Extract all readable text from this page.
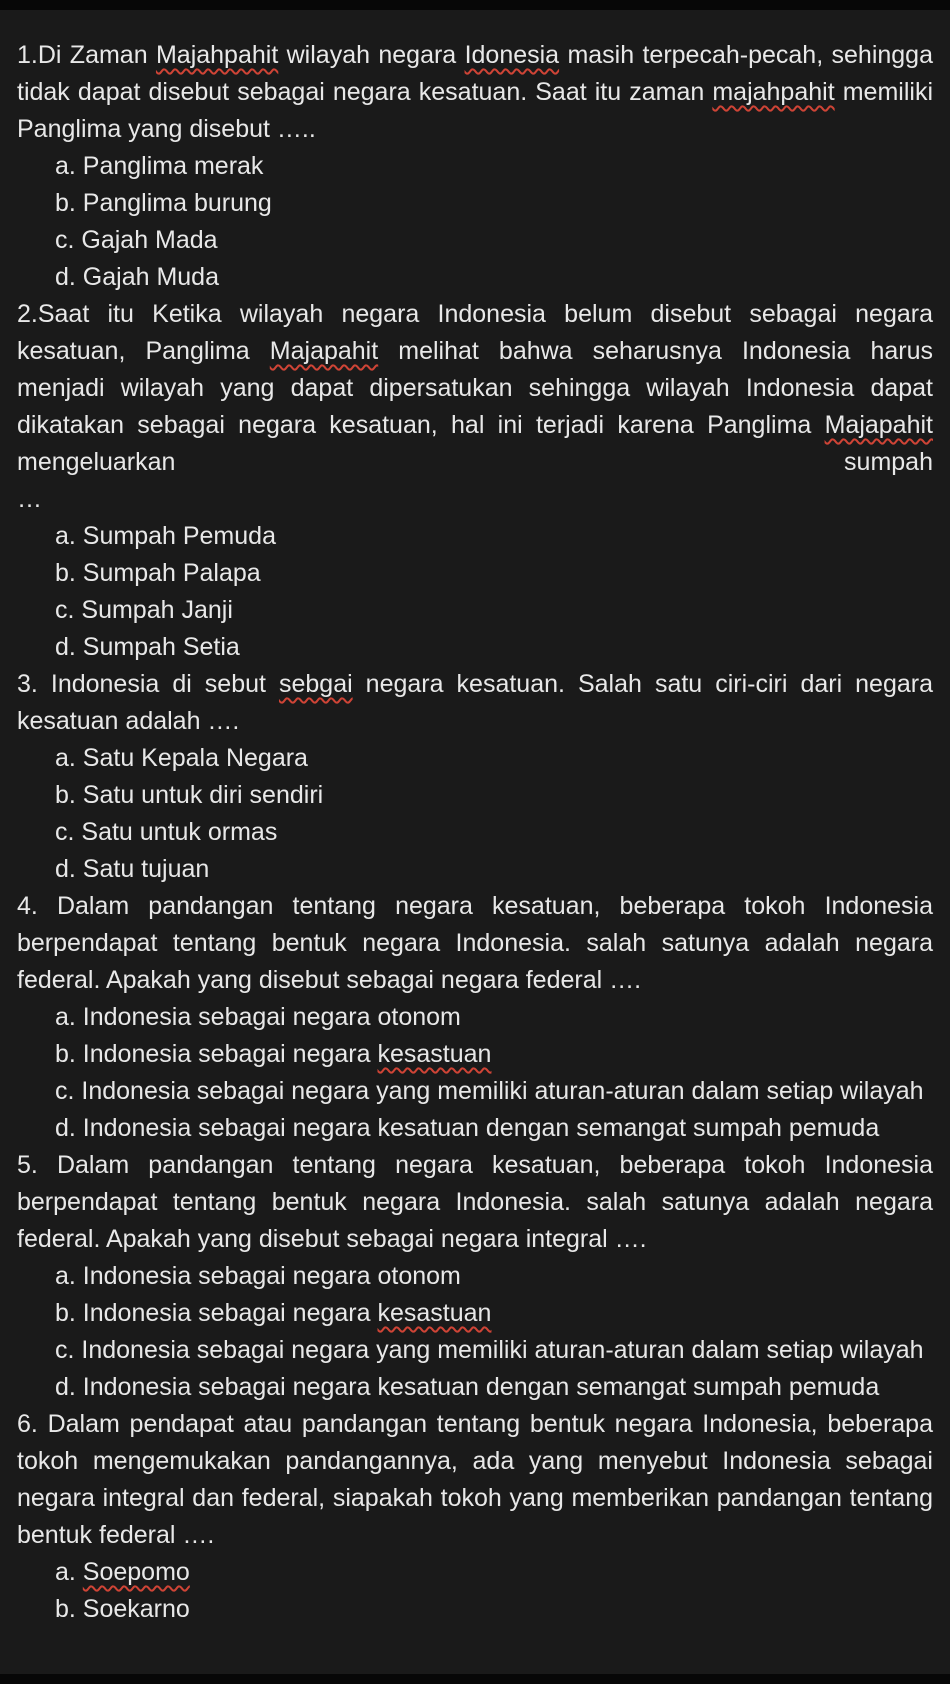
1.Di Zaman Majahpahit wilayah negara Idonesia masih terpecah-pecah, sehingga tidak dapat disebut sebagai negara kesatuan. Saat itu zaman majahpahit memiliki Panglima yang disebut …..
a. Panglima merak
b. Panglima burung
c. Gajah Mada
d. Gajah Muda
2.Saat itu Ketika wilayah negara Indonesia belum disebut sebagai negara kesatuan, Panglima Majapahit melihat bahwa seharusnya Indonesia harus menjadi wilayah yang dapat dipersatukan sehingga wilayah Indonesia dapat dikatakan sebagai negara kesatuan, hal ini terjadi karena Panglima Majapahit mengeluarkan sumpah
…
a. Sumpah Pemuda
b. Sumpah Palapa
c. Sumpah Janji
d. Sumpah Setia
3. Indonesia di sebut sebgai negara kesatuan. Salah satu ciri-ciri dari negara kesatuan adalah ….
a. Satu Kepala Negara
b. Satu untuk diri sendiri
c. Satu untuk ormas
d. Satu tujuan
4. Dalam pandangan tentang negara kesatuan, beberapa tokoh Indonesia berpendapat tentang bentuk negara Indonesia. salah satunya adalah negara federal. Apakah yang disebut sebagai negara federal ….
a. Indonesia sebagai negara otonom
b. Indonesia sebagai negara kesastuan
c. Indonesia sebagai negara yang memiliki aturan-aturan dalam setiap wilayah
d. Indonesia sebagai negara kesatuan dengan semangat sumpah pemuda
5. Dalam pandangan tentang negara kesatuan, beberapa tokoh Indonesia berpendapat tentang bentuk negara Indonesia. salah satunya adalah negara federal. Apakah yang disebut sebagai negara integral ….
a. Indonesia sebagai negara otonom
b. Indonesia sebagai negara kesastuan
c. Indonesia sebagai negara yang memiliki aturan-aturan dalam setiap wilayah
d. Indonesia sebagai negara kesatuan dengan semangat sumpah pemuda
6. Dalam pendapat atau pandangan tentang bentuk negara Indonesia, beberapa tokoh mengemukakan pandangannya, ada yang menyebut Indonesia sebagai negara integral dan federal, siapakah tokoh yang memberikan pandangan tentang bentuk federal ….
a. Soepomo
b. Soekarno
